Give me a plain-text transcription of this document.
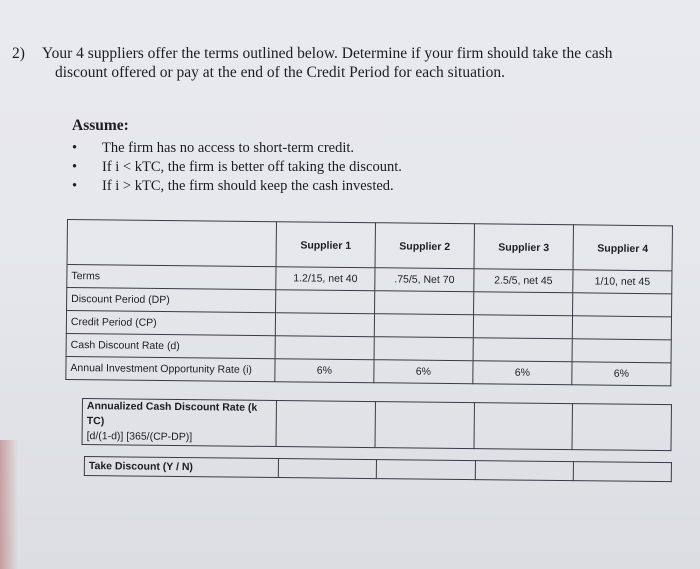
2) Your 4 suppliers offer the terms outlined below. Determine if your firm should take the cash
discount offered or pay at the end of the Credit Period for each situation.
Assume:
•	The firm has no access to short-term credit.
•	If i < kTC, the firm is better off taking the discount.
•	If i > kTC, the firm should keep the cash invested.

	Supplier 1	Supplier 2	Supplier 3	Supplier 4

Terms	1.2/15, net 40	.75/5, Net 70	2.5/5, net 45	1/10, net 45
Discount Period (DP)				
Credit Period (CP)				
Cash Discount Rate (d)				
Annual Investment Opportunity Rate (i)	6%	6%	6%	6%
Annualized Cash Discount Rate (k TC)
[d/(1-d)] [365/(CP-DP)]				
Take Discount (Y / N)				
